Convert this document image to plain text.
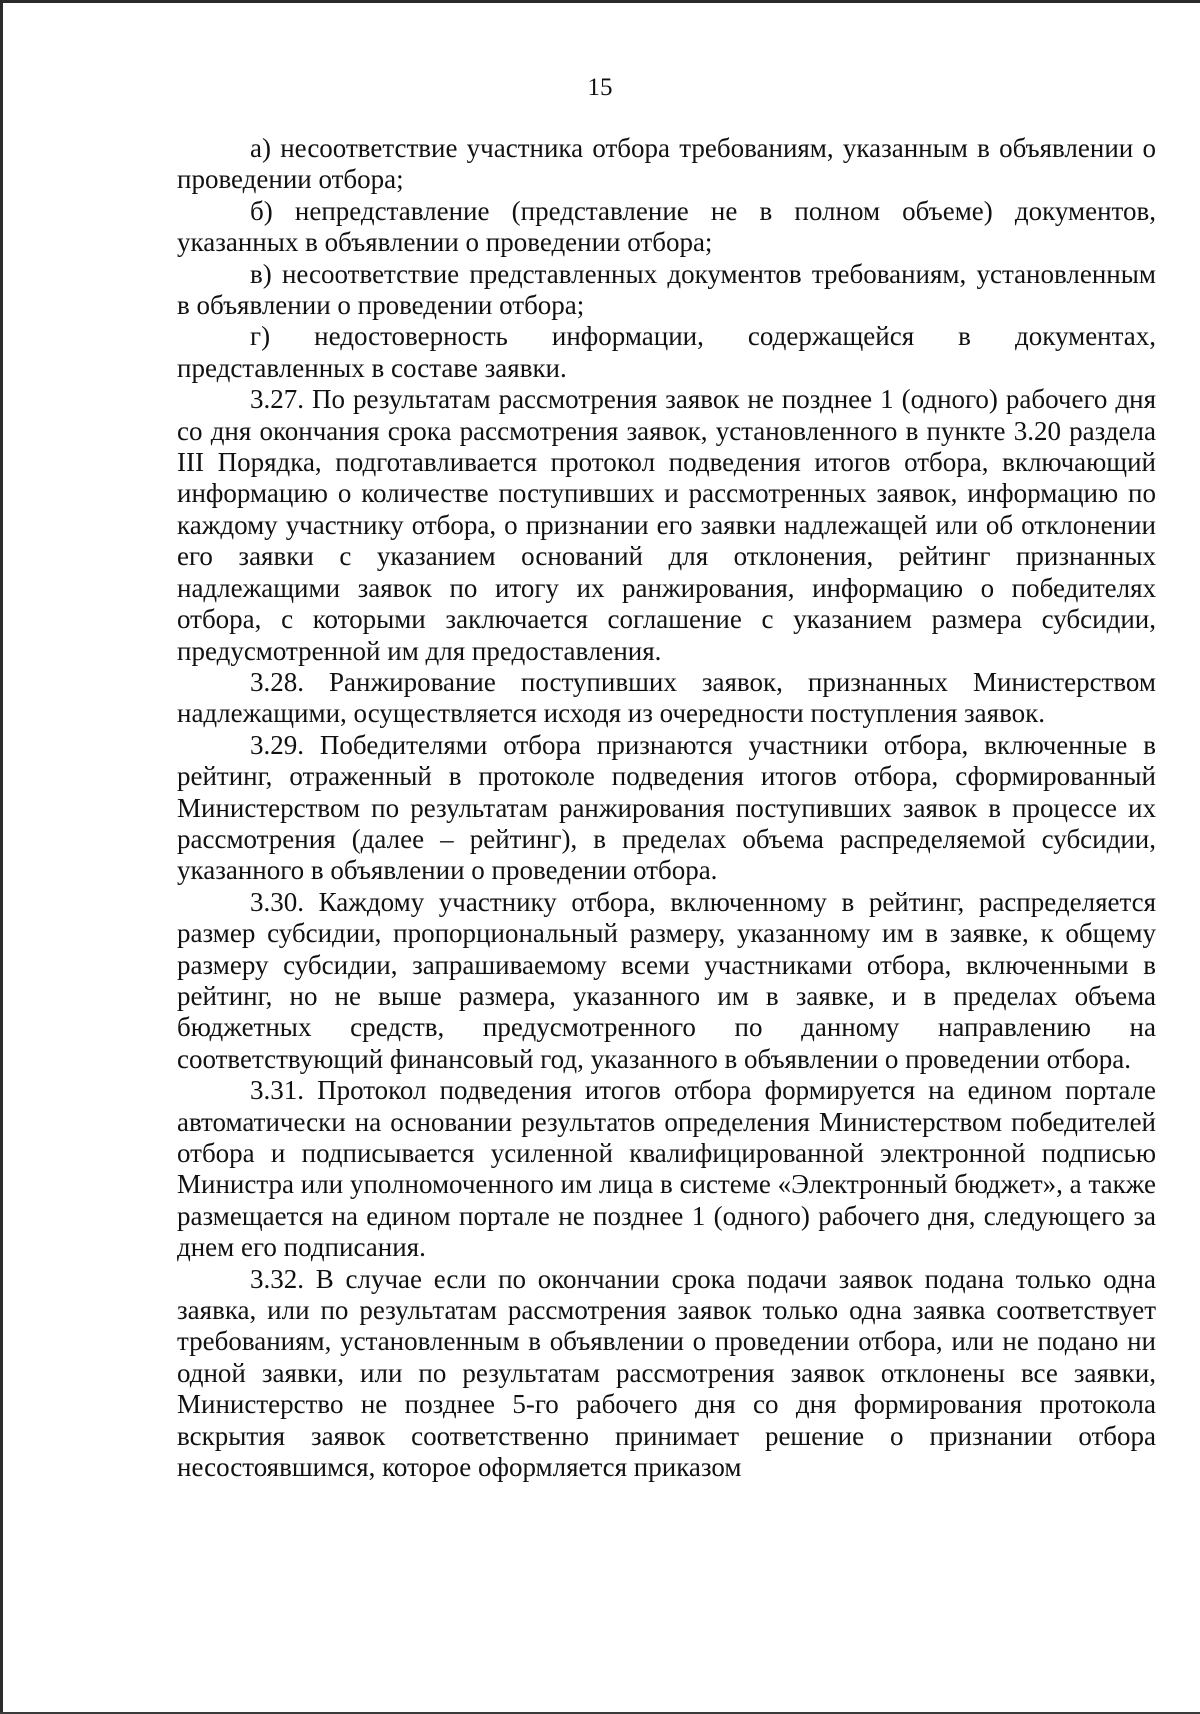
15

а) несоответствие участника отбора требованиям, указанным в объявлении о проведении отбора;

б) непредставление (представление не в полном объеме) документов, указанных в объявлении о проведении отбора;

в) несоответствие представленных документов требованиям, установленным в объявлении о проведении отбора;

г) недостоверность информации, содержащейся в документах, представленных в составе заявки.

3.27. По результатам рассмотрения заявок не позднее 1 (одного) рабочего дня со дня окончания срока рассмотрения заявок, установленного в пункте 3.20 раздела III Порядка, подготавливается протокол подведения итогов отбора, включающий информацию о количестве поступивших и рассмотренных заявок, информацию по каждому участнику отбора, о признании его заявки надлежащей или об отклонении его заявки с указанием оснований для отклонения, рейтинг признанных надлежащими заявок по итогу их ранжирования, информацию о победителях отбора, с которыми заключается соглашение с указанием размера субсидии, предусмотренной им для предоставления.

3.28. Ранжирование поступивших заявок, признанных Министерством надлежащими, осуществляется исходя из очередности поступления заявок.

3.29. Победителями отбора признаются участники отбора, включенные в рейтинг, отраженный в протоколе подведения итогов отбора, сформированный Министерством по результатам ранжирования поступивших заявок в процессе их рассмотрения (далее – рейтинг), в пределах объема распределяемой субсидии, указанного в объявлении о проведении отбора.

3.30. Каждому участнику отбора, включенному в рейтинг, распределяется размер субсидии, пропорциональный размеру, указанному им в заявке, к общему размеру субсидии, запрашиваемому всеми участниками отбора, включенными в рейтинг, но не выше размера, указанного им в заявке, и в пределах объема бюджетных средств, предусмотренного по данному направлению на соответствующий финансовый год, указанного в объявлении о проведении отбора.

3.31. Протокол подведения итогов отбора формируется на едином портале автоматически на основании результатов определения Министерством победителей отбора и подписывается усиленной квалифицированной электронной подписью Министра или уполномоченного им лица в системе «Электронный бюджет», а также размещается на едином портале не позднее 1 (одного) рабочего дня, следующего за днем его подписания.

3.32. В случае если по окончании срока подачи заявок подана только одна заявка, или по результатам рассмотрения заявок только одна заявка соответствует требованиям, установленным в объявлении о проведении отбора, или не подано ни одной заявки, или по результатам рассмотрения заявок отклонены все заявки, Министерство не позднее 5-го рабочего дня со дня формирования протокола вскрытия заявок соответственно принимает решение о признании отбора несостоявшимся, которое оформляется приказом
